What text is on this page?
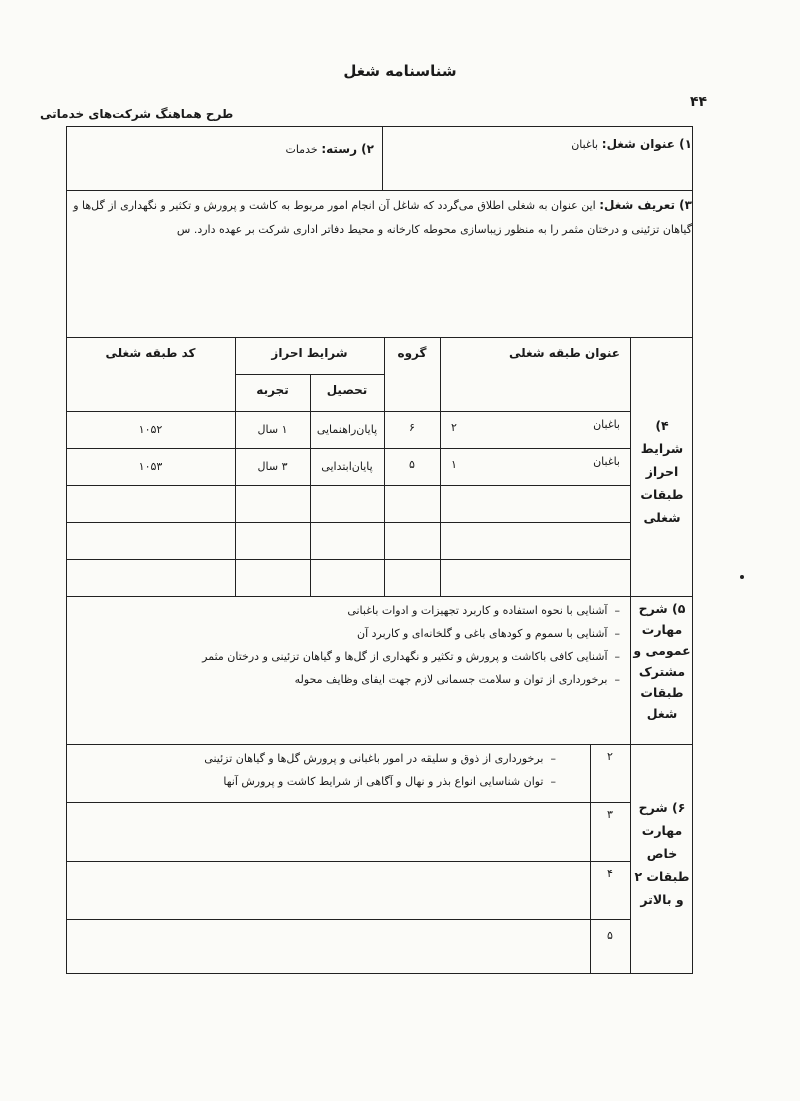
شناسنامه شغل
۴۴
طرح هماهنگ شرکت‌های خدماتی
۱) عنوان شغل: باغبان
۲) رسته: خدمات
۳) تعریف شغل: این عنوان به شغلی اطلاق می‌گردد که شاغل آن انجام امور مربوط به کاشت و پرورش و تکثیر و نگهداری از گل‌ها و
گیاهان تزئینی و درختان مثمر را به منظور زیباسازی محوطه کارخانه و محیط دفاتر اداری شرکت بر عهده دارد. س
۴) شرایط احراز طبقات شغلی
عنوان طبقه شغلی
گروه
شرایط احراز
کد طبقه شغلی
تحصیل
تجربه
باغبان
۲
۶
پایان‌راهنمایی
۱ سال
۱۰۵۲
باغبان
۱
۵
پایان‌ابتدایی
۳ سال
۱۰۵۳
۵) شرح مهارت عمومی و مشترک طبقات شغل
–  آشنایی با نحوه استفاده و کاربرد تجهیزات و ادوات باغبانی
–  آشنایی با سموم و کودهای باغی و گلخانه‌ای و کاربرد آن
–  آشنایی کافی باکاشت و پرورش و تکثیر و نگهداری از گل‌ها و گیاهان تزئینی و درختان مثمر
–  برخورداری از توان و سلامت جسمانی لازم جهت ایفای وظایف محوله
۶) شرح مهارت خاص طبقات ۲ و بالاتر
۲
۳
۴
۵
–  برخورداری از ذوق و سلیقه در امور باغبانی و پرورش گل‌ها و گیاهان تزئینی
–  توان شناسایی انواع بذر و نهال و آگاهی از شرایط کاشت و پرورش آنها
